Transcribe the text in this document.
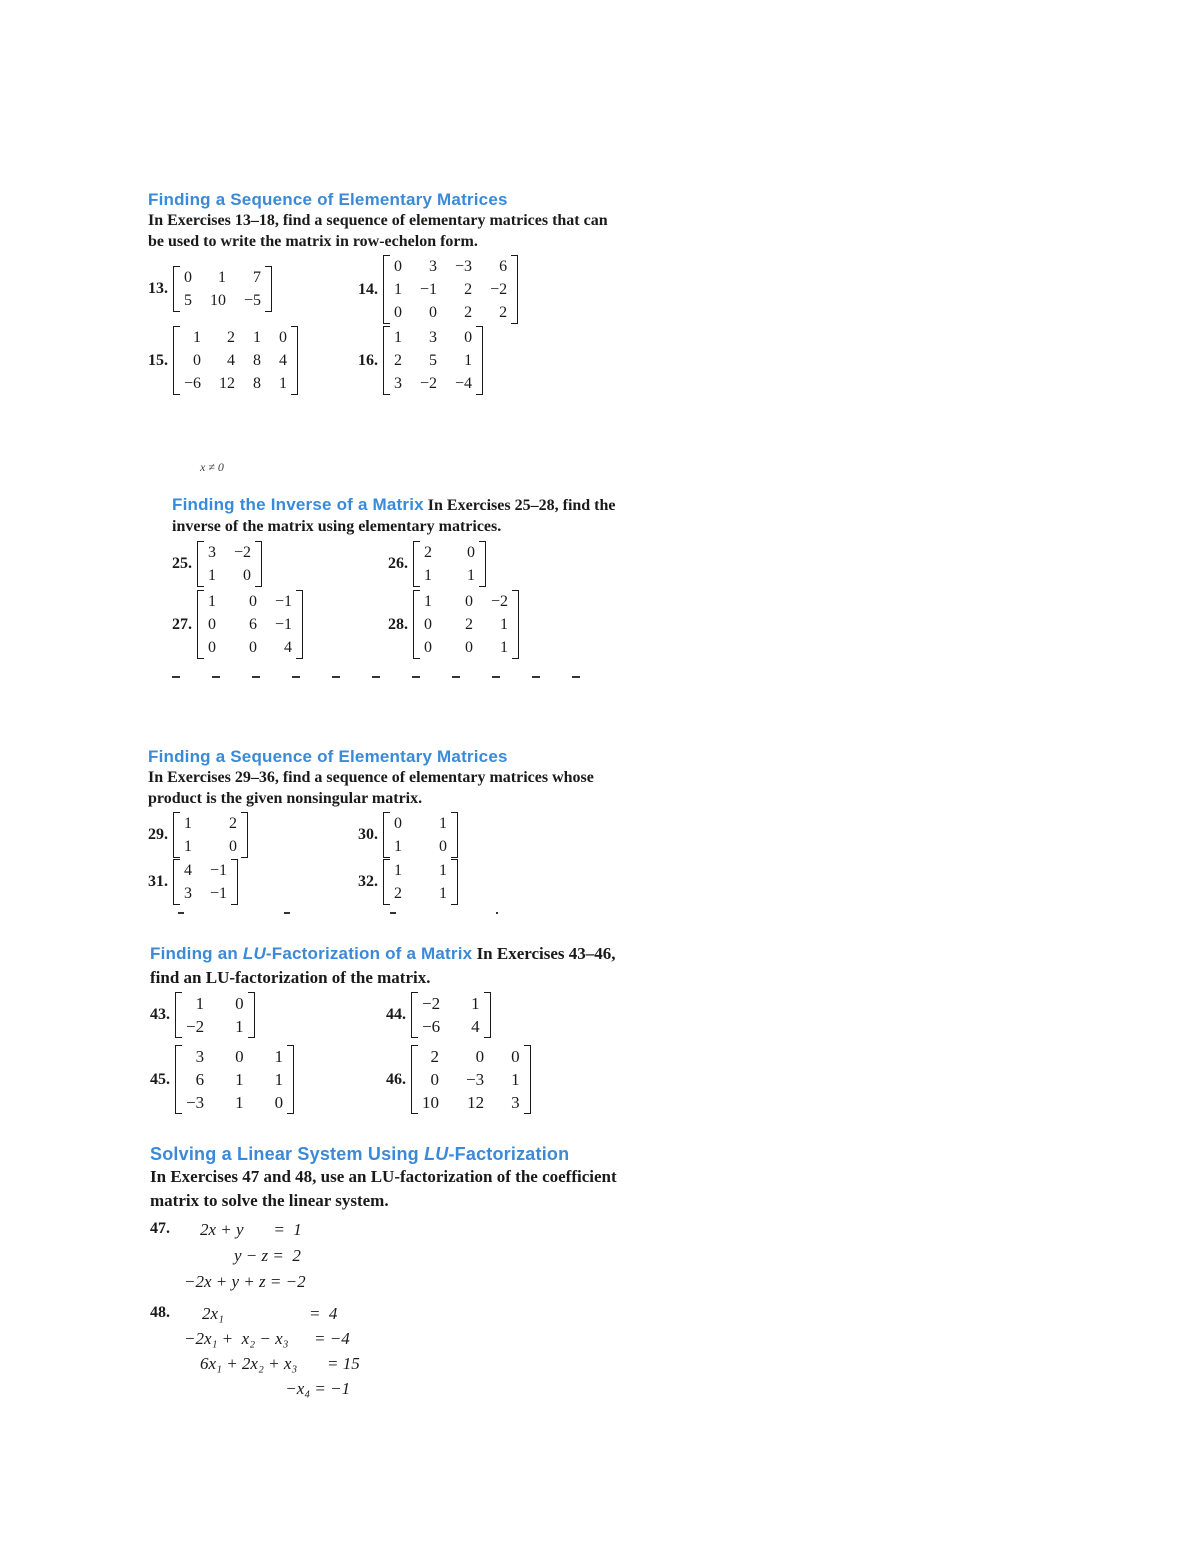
Finding a Sequence of Elementary Matrices
In Exercises 13–18, find a sequence of elementary matrices that can be used to write the matrix in row-echelon form.
13.
0	1	7
5	10	−5
14.
0	3	−3	6
1	−1	2	−2
0	0	2	2
15.
1	2	1	0
0	4	8	4
−6	12	8	1
16.
1	3	0
2	5	1
3	−2	−4
x ≠ 0
Finding the Inverse of a Matrix In Exercises 25–28, find the inverse of the matrix using elementary matrices.
25.
3	−2
1	0
26.
2	0
1	1
27.
1	0	−1
0	6	−1
0	0	4
28.
1	0	−2
0	2	1
0	0	1
Finding a Sequence of Elementary Matrices
In Exercises 29–36, find a sequence of elementary matrices whose product is the given nonsingular matrix.
29.
1	2
1	0
30.
0	1
1	0
31.
4	−1
3	−1
32.
1	1
2	1
Finding an LU-Factorization of a Matrix In Exercises 43–46, find an LU-factorization of the matrix.
43.
1	0
−2	1
44.
−2	1
−6	4
45.
3	0	1
6	1	1
−3	1	0
46.
2	0	0
0	−3	1
10	12	3
Solving a Linear System Using LU-Factorization
In Exercises 47 and 48, use an LU-factorization of the coefficient matrix to solve the linear system.
47. 2x + y       =  1
y − z =  2
−2x + y + z = −2
48. 2x₁                    =  4
−2x₁ +  x₂ − x₃      = −4
6x₁ + 2x₂ + x₃       = 15
−x₄ = −1
